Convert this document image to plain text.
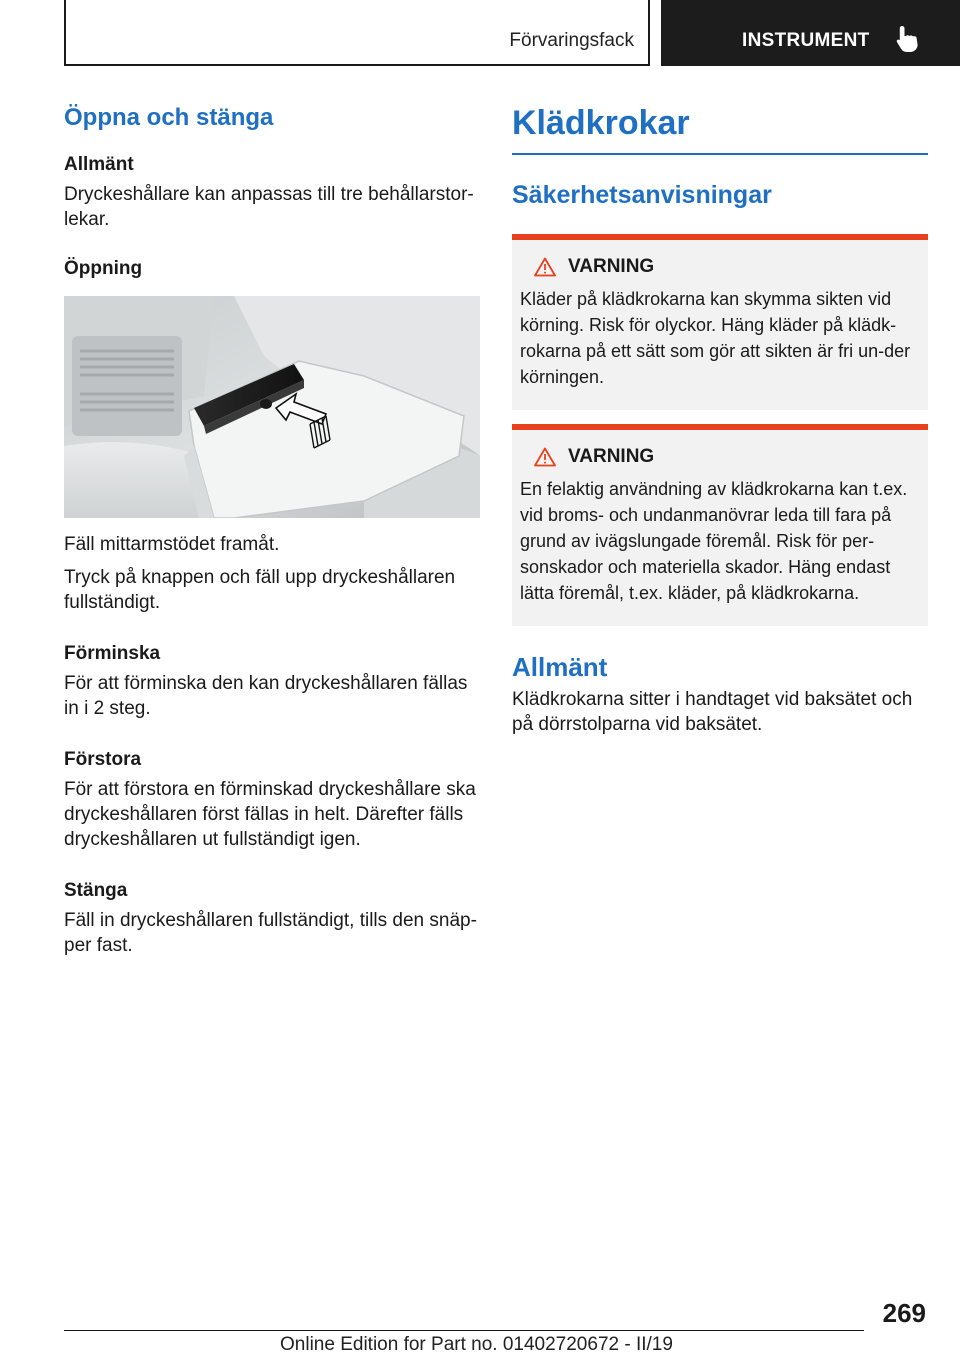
Förvaringsfack	INSTRUMENT
Öppna och stänga
Allmänt

Dryckeshållare kan anpassas till tre behållarstor-lekar.

Öppning

Fäll mittarmstödet framåt.

Tryck på knappen och fäll upp dryckeshållaren fullständigt.

Förminska

För att förminska den kan dryckeshållaren fällas in i 2 steg.

Förstora

För att förstora en förminskad dryckeshållare ska dryckeshållaren först fällas in helt. Därefter fälls dryckeshållaren ut fullständigt igen.

Stänga

Fäll in dryckeshållaren fullständigt, tills den snäp-per fast.

Klädkrokar
Säkerhetsanvisningar
VARNING

Kläder på klädkrokarna kan skymma sikten vid körning. Risk för olyckor. Häng kläder på klädk-rokarna på ett sätt som gör att sikten är fri un-der körningen.

VARNING

En felaktig användning av klädkrokarna kan t.ex. vid broms- och undanmanövrar leda till fara på grund av ivägslungade föremål. Risk för per-sonskador och materiella skador. Häng endast lätta föremål, t.ex. kläder, på klädkrokarna.

Allmänt

Klädkrokarna sitter i handtaget vid baksätet och på dörrstolparna vid baksätet.

269
Online Edition for Part no. 01402720672 - II/19
